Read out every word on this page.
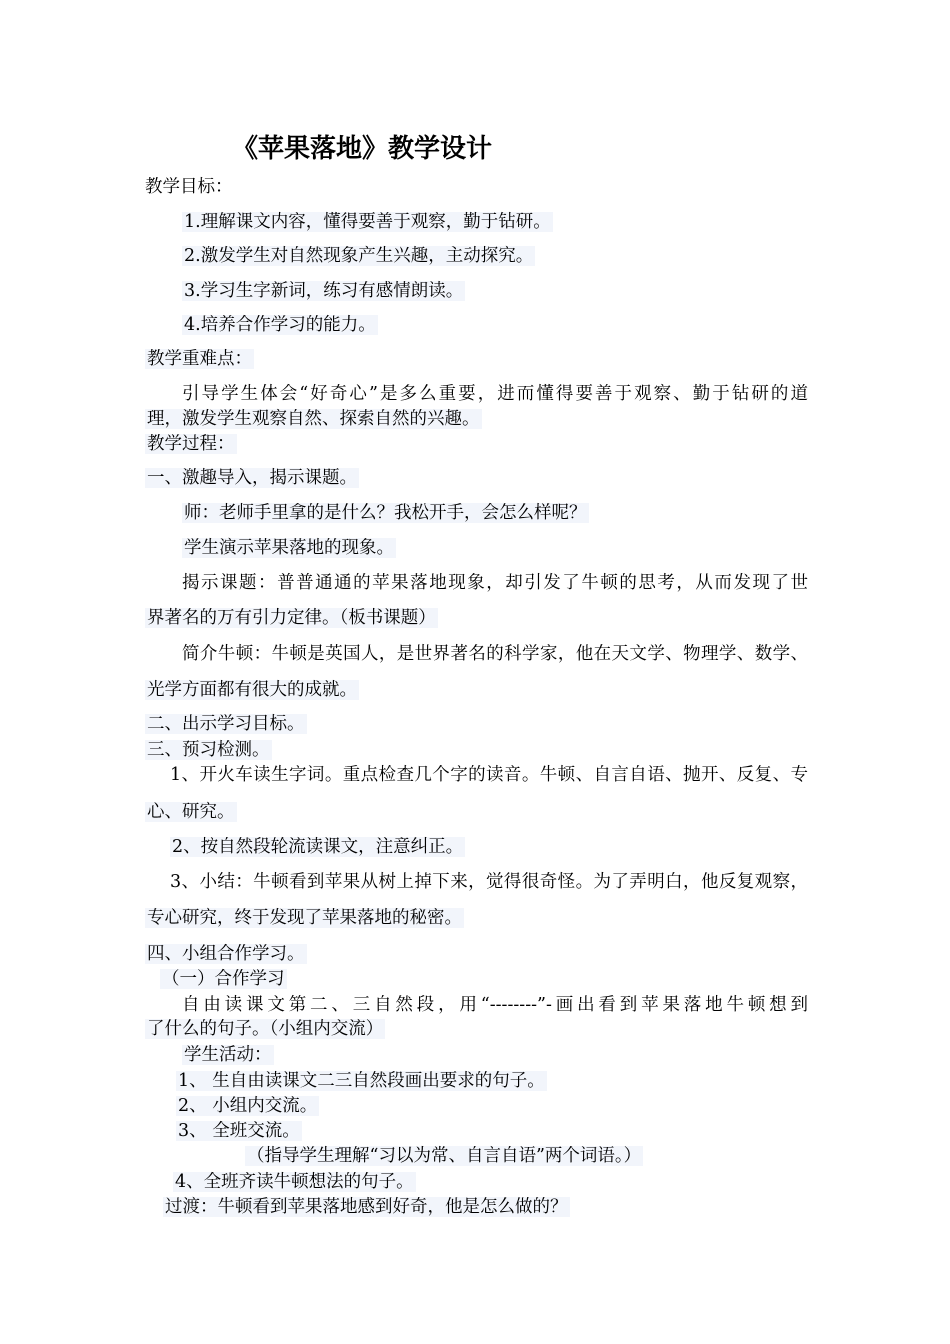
《苹果落地》教学设计
教学目标：
1.理解课文内容，懂得要善于观察，勤于钻研。
2.激发学生对自然现象产生兴趣，主动探究。
3.学习生字新词，练习有感情朗读。
4.培养合作学习的能力。
教学重难点：
引导学生体会“好奇心”是多么重要，进而懂得要善于观察、勤于钻研的道
理，激发学生观察自然、探索自然的兴趣。
教学过程：
一、激趣导入，揭示课题。
师：老师手里拿的是什么？我松开手，会怎么样呢？
学生演示苹果落地的现象。
揭示课题：普普通通的苹果落地现象，却引发了牛顿的思考，从而发现了世
界著名的万有引力定律。（板书课题）
简介牛顿：牛顿是英国人，是世界著名的科学家，他在天文学、物理学、数学、
光学方面都有很大的成就。
二、出示学习目标。
三、预习检测。
1、开火车读生字词。重点检查几个字的读音。牛顿、自言自语、抛开、反复、专
心、研究。
2、按自然段轮流读课文，注意纠正。
3、小结：牛顿看到苹果从树上掉下来，觉得很奇怪。为了弄明白，他反复观察，
专心研究，终于发现了苹果落地的秘密。
四、小组合作学习。
（一）合作学习
自由读课文第二、三自然段，用“--------”-画出看到苹果落地牛顿想到
了什么的句子。（小组内交流）
学生活动：
1、 生自由读课文二三自然段画出要求的句子。
2、 小组内交流。
3、 全班交流。
（指导学生理解“习以为常、自言自语”两个词语。）
4、全班齐读牛顿想法的句子。
过渡：牛顿看到苹果落地感到好奇，他是怎么做的？
